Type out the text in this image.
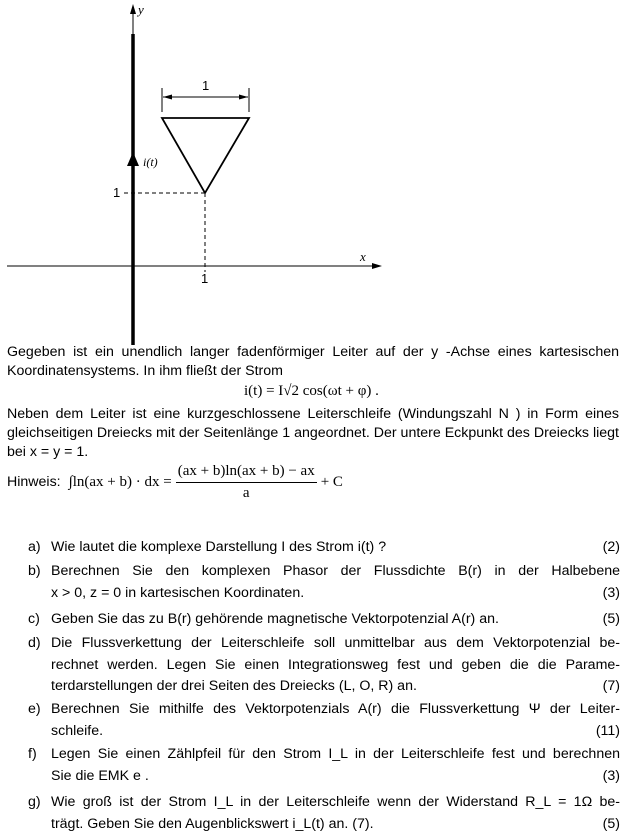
x
y
i(t)
1
1
1
Gegeben ist ein unendlich langer fadenförmiger Leiter auf der y -Achse eines kartesischen Koordinatensystems. In ihm fließt der Strom
i(t) = I√2 cos(ωt + φ) .
Neben dem Leiter ist eine kurzgeschlossene Leiterschleife (Windungszahl N ) in Form eines gleichseitigen Dreiecks mit der Seitenlänge 1 angeordnet. Der untere Eckpunkt des Dreiecks liegt bei x = y = 1.
Hinweis: ∫ln(ax + b) · dx = $\frac{(ax + b)\ln(ax + b) - ax}{a} + C$
a)	(2)
Wie lautet die komplexe Darstellung I des Strom i(t) ?
b) Berechnen Sie den komplexen Phasor der Flussdichte B(r) in der Halbebene
(3)
x > 0, z = 0 in kartesischen Koordinaten.
c)	(5)
Geben Sie das zu B(r) gehörende magnetische Vektorpotenzial A(r) an.
d) Die Flussverkettung der Leiterschleife soll unmittelbar aus dem Vektorpotenzial be-
rechnet werden. Legen Sie einen Integrationsweg fest und geben die die Parame-
(7)
terdarstellungen der drei Seiten des Dreiecks (L, O, R) an.
e) Berechnen Sie mithilfe des Vektorpotenzials A(r) die Flussverkettung Ψ der Leiter-
(11)
schleife.
f) Legen Sie einen Zählpfeil für den Strom I_L in der Leiterschleife fest und berechnen
(3)
Sie die EMK e .
g) Wie groß ist der Strom I_L in der Leiterschleife wenn der Widerstand R_L = 1Ω be-
(5)
trägt. Geben Sie den Augenblickswert i_L(t) an. (7).
